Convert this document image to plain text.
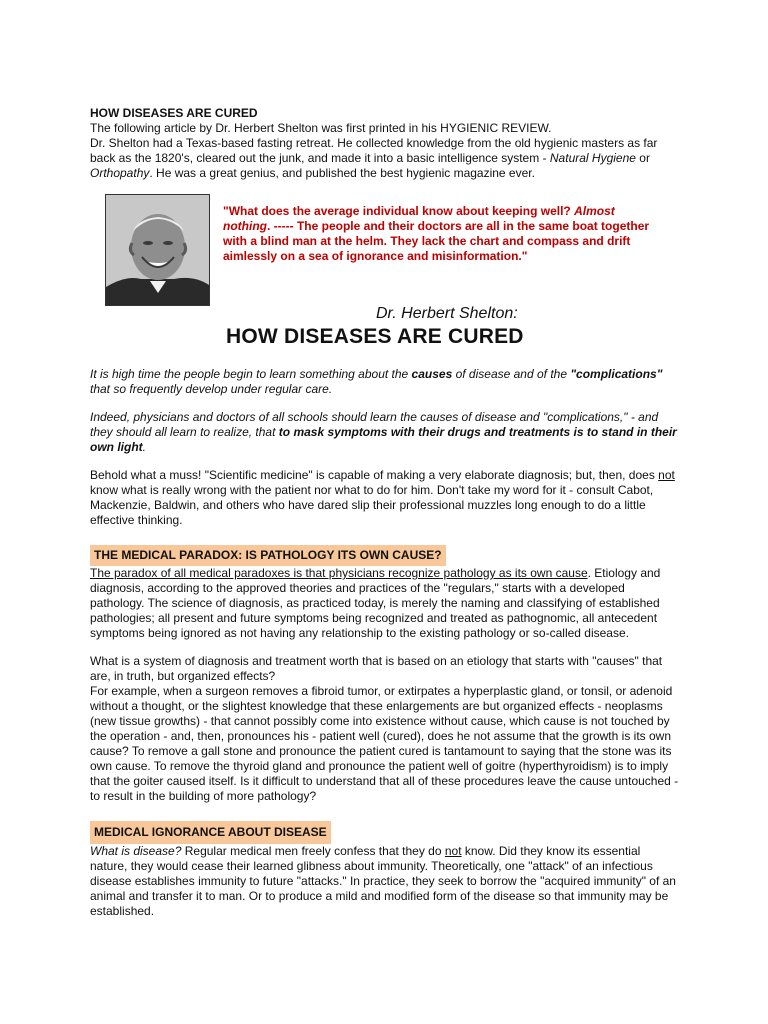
HOW DISEASES ARE CURED

The following article by Dr. Herbert Shelton was first printed in his HYGIENIC REVIEW.

Dr. Shelton had a Texas-based fasting retreat. He collected knowledge from the old hygienic masters as far back as the 1820's, cleared out the junk, and made it into a basic intelligence system - Natural Hygiene or Orthopathy. He was a great genius, and published the best hygienic magazine ever.

"What does the average individual know about keeping well? Almost nothing. ----- The people and their doctors are all in the same boat together with a blind man at the helm. They lack the chart and compass and drift aimlessly on a sea of ignorance and misinformation."
Dr. Herbert Shelton:
HOW DISEASES ARE CURED

It is high time the people begin to learn something about the causes of disease and of the "complications" that so frequently develop under regular care.

Indeed, physicians and doctors of all schools should learn the causes of disease and "complications," - and they should all learn to realize, that to mask symptoms with their drugs and treatments is to stand in their own light.

Behold what a muss! "Scientific medicine" is capable of making a very elaborate diagnosis; but, then, does not know what is really wrong with the patient nor what to do for him. Don't take my word for it - consult Cabot, Mackenzie, Baldwin, and others who have dared slip their professional muzzles long enough to do a little effective thinking.

THE MEDICAL PARADOX: IS PATHOLOGY ITS OWN CAUSE?

The paradox of all medical paradoxes is that physicians recognize pathology as its own cause. Etiology and diagnosis, according to the approved theories and practices of the "regulars," starts with a developed pathology. The science of diagnosis, as practiced today, is merely the naming and classifying of established pathologies; all present and future symptoms being recognized and treated as pathognomic, all antecedent symptoms being ignored as not having any relationship to the existing pathology or so-called disease.

What is a system of diagnosis and treatment worth that is based on an etiology that starts with "causes" that are, in truth, but organized effects?

For example, when a surgeon removes a fibroid tumor, or extirpates a hyperplastic gland, or tonsil, or adenoid without a thought, or the slightest knowledge that these enlargements are but organized effects - neoplasms (new tissue growths) - that cannot possibly come into existence without cause, which cause is not touched by the operation - and, then, pronounces his - patient well (cured), does he not assume that the growth is its own cause? To remove a gall stone and pronounce the patient cured is tantamount to saying that the stone was its own cause. To remove the thyroid gland and pronounce the patient well of goitre (hyperthyroidism) is to imply that the goiter caused itself. Is it difficult to understand that all of these procedures leave the cause untouched - to result in the building of more pathology?

MEDICAL IGNORANCE ABOUT DISEASE

What is disease? Regular medical men freely confess that they do not know. Did they know its essential nature, they would cease their learned glibness about immunity. Theoretically, one "attack" of an infectious disease establishes immunity to future "attacks." In practice, they seek to borrow the "acquired immunity" of an animal and transfer it to man. Or to produce a mild and modified form of the disease so that immunity may be established.
